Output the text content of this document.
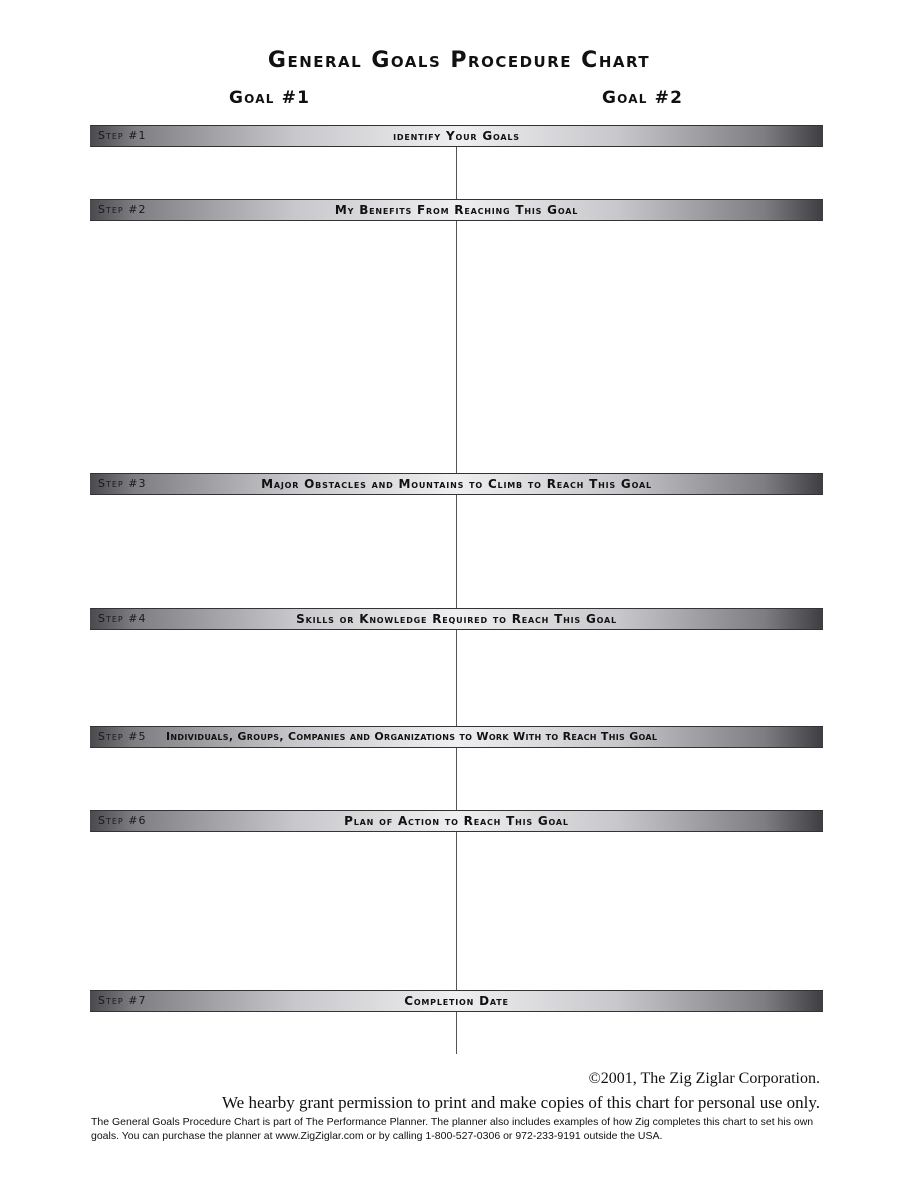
General Goals Procedure Chart
Goal #1	Goal #2
Step #1	identify Your Goals
Step #2	My Benefits From Reaching This Goal
Step #3	Major Obstacles and Mountains to Climb to Reach This Goal
Step #4	Skills or Knowledge Required to Reach This Goal
Step #5 Individuals, Groups, Companies and Organizations to Work With to Reach This Goal
Step #6	Plan of Action to Reach This Goal
Step #7	Completion Date
©2001, The Zig Ziglar Corporation.
We hearby grant permission to print and make copies of this chart for personal use only.
The General Goals Procedure Chart is part of The Performance Planner. The planner also includes examples of how Zig completes this chart to set his own goals. You can purchase the planner at www.ZigZiglar.com or by calling 1-800-527-0306 or 972-233-9191 outside the USA.
